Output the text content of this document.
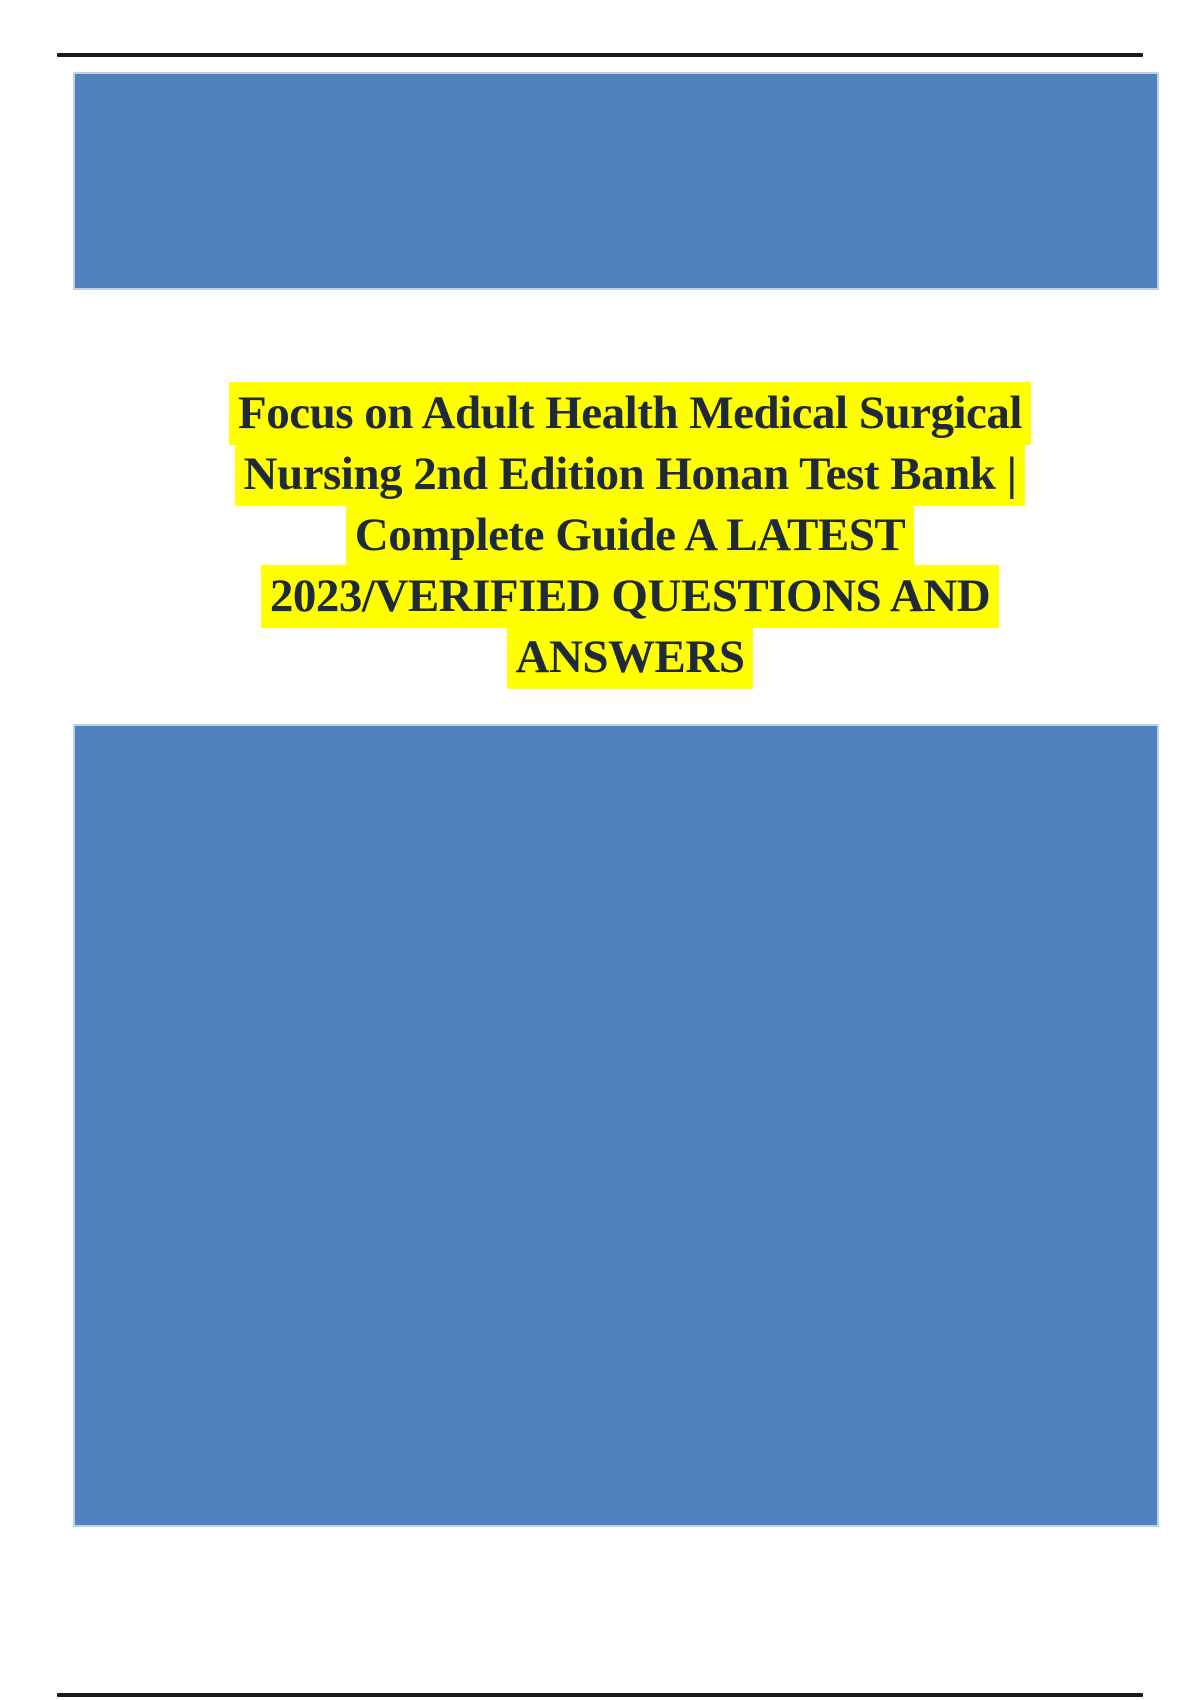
Focus on Adult Health Medical Surgical
Nursing 2nd Edition Honan Test Bank |
Complete Guide A LATEST
2023/VERIFIED QUESTIONS AND
ANSWERS
